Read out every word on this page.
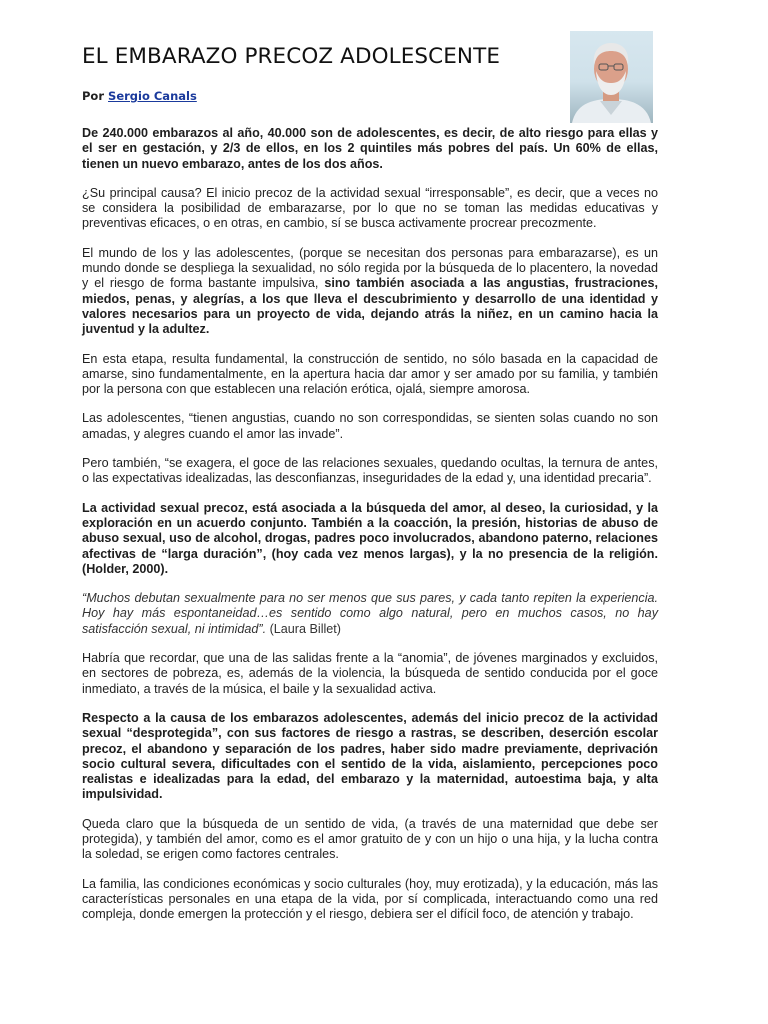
EL EMBARAZO PRECOZ ADOLESCENTE
Por Sergio Canals

De 240.000 embarazos al año, 40.000 son de adolescentes, es decir, de alto riesgo para ellas y el ser en gestación, y 2/3 de ellos, en los 2 quintiles más pobres del país. Un 60% de ellas, tienen un nuevo embarazo, antes de los dos años.

¿Su principal causa? El inicio precoz de la actividad sexual “irresponsable”, es decir, que a veces no se considera la posibilidad de embarazarse, por lo que no se toman las medidas educativas y preventivas eficaces, o en otras, en cambio, sí se busca activamente procrear precozmente.

El mundo de los y las adolescentes, (porque se necesitan dos personas para embarazarse), es un mundo donde se despliega la sexualidad, no sólo regida por la búsqueda de lo placentero, la novedad y el riesgo de forma bastante impulsiva, sino también asociada a las angustias, frustraciones, miedos, penas, y alegrías, a los que lleva el descubrimiento y desarrollo de una identidad y valores necesarios para un proyecto de vida, dejando atrás la niñez, en un camino hacia la juventud y la adultez.

En esta etapa, resulta fundamental, la construcción de sentido, no sólo basada en la capacidad de amarse, sino fundamentalmente, en la apertura hacia dar amor y ser amado por su familia, y también por la persona con que establecen una relación erótica, ojalá, siempre amorosa.

Las adolescentes, “tienen angustias, cuando no son correspondidas, se sienten solas cuando no son amadas, y alegres cuando el amor las invade”.

Pero también, “se exagera, el goce de las relaciones sexuales, quedando ocultas, la ternura de antes, o las expectativas idealizadas, las desconfianzas, inseguridades de la edad y, una identidad precaria”.

La actividad sexual precoz, está asociada a la búsqueda del amor, al deseo, la curiosidad, y la exploración en un acuerdo conjunto. También a la coacción, la presión, historias de abuso de abuso sexual, uso de alcohol, drogas, padres poco involucrados, abandono paterno, relaciones afectivas de “larga duración”, (hoy cada vez menos largas), y la no presencia de la religión. (Holder, 2000).

“Muchos debutan sexualmente para no ser menos que sus pares, y cada tanto repiten la experiencia. Hoy hay más espontaneidad…es sentido como algo natural, pero en muchos casos, no hay satisfacción sexual, ni intimidad”. (Laura Billet)

Habría que recordar, que una de las salidas frente a la “anomia”, de jóvenes marginados y excluidos, en sectores de pobreza, es, además de la violencia, la búsqueda de sentido conducida por el goce inmediato, a través de la música, el baile y la sexualidad activa.

Respecto a la causa de los embarazos adolescentes, además del inicio precoz de la actividad sexual “desprotegida”, con sus factores de riesgo a rastras, se describen, deserción escolar precoz, el abandono y separación de los padres, haber sido madre previamente, deprivación socio cultural severa, dificultades con el sentido de la vida, aislamiento, percepciones poco realistas e idealizadas para la edad, del embarazo y la maternidad, autoestima baja, y alta impulsividad.

Queda claro que la búsqueda de un sentido de vida, (a través de una maternidad que debe ser protegida), y también del amor, como es el amor gratuito de y con un hijo o una hija, y la lucha contra la soledad, se erigen como factores centrales.

La familia, las condiciones económicas y socio culturales (hoy, muy erotizada), y la educación, más las características personales en una etapa de la vida, por sí complicada, interactuando como una red compleja, donde emergen la protección y el riesgo, debiera ser el difícil foco, de atención y trabajo.
